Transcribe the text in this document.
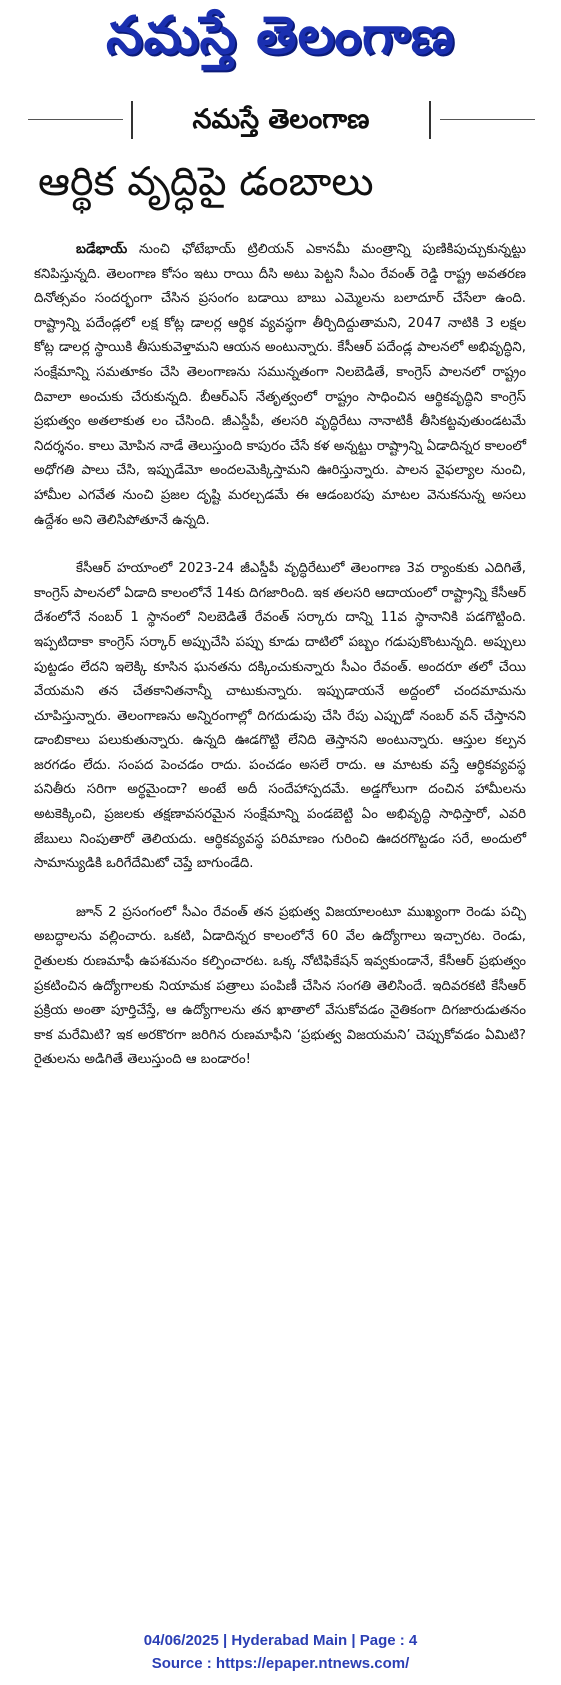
నమస్తే తెలంగాణ
నమస్తే తెలంగాణ
ఆర్థిక వృద్ధిపై డంబాలు

బడేభాయ్ నుంచి ఛోటేభాయ్ ట్రిలియన్ ఎకానమీ మంత్రాన్ని పుణికిపుచ్చుకున్నట్టు కనిపిస్తున్నది. తెలంగాణ కోసం ఇటు రాయి దీసి అటు పెట్టని సీఎం రేవంత్ రెడ్డి రాష్ట్ర అవతరణ దినోత్సవం సందర్భంగా చేసిన ప్రసంగం బడాయి బాబు ఎమ్మెలను బలాదూర్ చేసేలా ఉంది. రాష్ట్రాన్ని పదేండ్లలో లక్ష కోట్ల డాలర్ల ఆర్థిక వ్యవస్థగా తీర్చిదిద్దుతామని, 2047 నాటికి 3 లక్షల కోట్ల డాలర్ల స్థాయికి తీసుకువెళ్తామని ఆయన అంటున్నారు. కేసీఆర్ పదేండ్ల పాలనలో అభివృద్ధిని, సంక్షేమాన్ని సమతూకం చేసి తెలంగాణను సమున్నతంగా నిలబెడితే, కాంగ్రెస్ పాలనలో రాష్ట్రం దివాలా అంచుకు చేరుకున్నది. బీఆర్ఎస్ నేతృత్వంలో రాష్ట్రం సాధించిన ఆర్థికవృద్ధిని కాంగ్రెస్ ప్రభుత్వం అతలాకుత లం చేసింది. జీఎస్డీపీ, తలసరి వృద్ధిరేటు నానాటికీ తీసికట్టవుతుండటమే నిదర్శనం. కాలు మోపిన నాడే తెలుస్తుంది కాపురం చేసే కళ అన్నట్టు రాష్ట్రాన్ని ఏడాదిన్నర కాలంలో అధోగతి పాలు చేసి, ఇప్పుడేమో అందలమెక్కిస్తామని ఊరిస్తున్నారు. పాలన వైఫల్యాల నుంచి, హామీల ఎగవేత నుంచి ప్రజల దృష్టి మరల్చడమే ఈ ఆడంబరపు మాటల వెనుకనున్న అసలు ఉద్దేశం అని తెలిసిపోతూనే ఉన్నది.

కేసీఆర్ హయాంలో 2023-24 జీఎస్డీపీ వృద్ధిరేటులో తెలంగాణ 3వ ర్యాంకుకు ఎదిగితే, కాంగ్రెస్ పాలనలో ఏడాది కాలంలోనే 14కు దిగజారింది. ఇక తలసరి ఆదాయంలో రాష్ట్రాన్ని కేసీఆర్ దేశంలోనే నంబర్ 1 స్థానంలో నిలబెడితే రేవంత్ సర్కారు దాన్ని 11వ స్థానానికి పడగొట్టింది. ఇప్పటిదాకా కాంగ్రెస్ సర్కార్ అప్పుచేసి పప్పు కూడు దాటిలో పబ్బం గడుపుకొంటున్నది. అప్పులు పుట్టడం లేదని ఇలెక్కి కూసిన ఘనతను దక్కించుకున్నారు సీఎం రేవంత్. అందరూ తలో చేయి వేయమని తన చేతకానితనాన్నీ చాటుకున్నారు. ఇప్పుడాయనే అద్దంలో చందమామను చూపిస్తున్నారు. తెలంగాణను అన్నిరంగాల్లో దిగదుడుపు చేసి రేపు ఎప్పుడో నంబర్ వన్ చేస్తానని డాంబికాలు పలుకుతున్నారు. ఉన్నది ఊడగొట్టి లేనిది తెస్తానని అంటున్నారు. ఆస్తుల కల్పన జరగడం లేదు. సంపద పెంచడం రాదు. పంచడం అసలే రాదు. ఆ మాటకు వస్తే ఆర్థికవ్యవస్థ పనితీరు సరిగా అర్థమైందా? అంటే అదీ సందేహాస్పదమే. అడ్డగోలుగా దంచిన హామీలను అటకెక్కించి, ప్రజలకు తక్షణావసరమైన సంక్షేమాన్ని పండబెట్టి ఏం అభివృద్ధి సాధిస్తారో, ఎవరి జేబులు నింపుతారో తెలియదు. ఆర్థికవ్యవస్థ పరిమాణం గురించి ఊదరగొట్టడం సరే, అందులో సామాన్యుడికి ఒరిగేదేమిటో చెప్తే బాగుండేది.

జూన్ 2 ప్రసంగంలో సీఎం రేవంత్ తన ప్రభుత్వ విజయాలంటూ ముఖ్యంగా రెండు పచ్చి అబద్ధాలను వల్లించారు. ఒకటి, ఏడాదిన్నర కాలంలోనే 60 వేల ఉద్యోగాలు ఇచ్చారట. రెండు, రైతులకు రుణమాఫీ ఉపశమనం కల్పించారట. ఒక్క నోటిఫికేషన్ ఇవ్వకుండానే, కేసీఆర్ ప్రభుత్వం ప్రకటించిన ఉద్యోగాలకు నియామక పత్రాలు పంపిణీ చేసిన సంగతి తెలిసిందే. ఇదివరకటి కేసీఆర్ ప్రక్రియ అంతా పూర్తిచేస్తే, ఆ ఉద్యోగాలను తన ఖాతాలో వేసుకోవడం నైతికంగా దిగజారుడుతనం కాక మరేమిటి? ఇక అరకొరగా జరిగిన రుణమాఫీని ‘ప్రభుత్వ విజయమని’ చెప్పుకోవడం ఏమిటి? రైతులను అడిగితే తెలుస్తుంది ఆ బండారం!

04/06/2025 | Hyderabad Main | Page : 4
Source : https://epaper.ntnews.com/
